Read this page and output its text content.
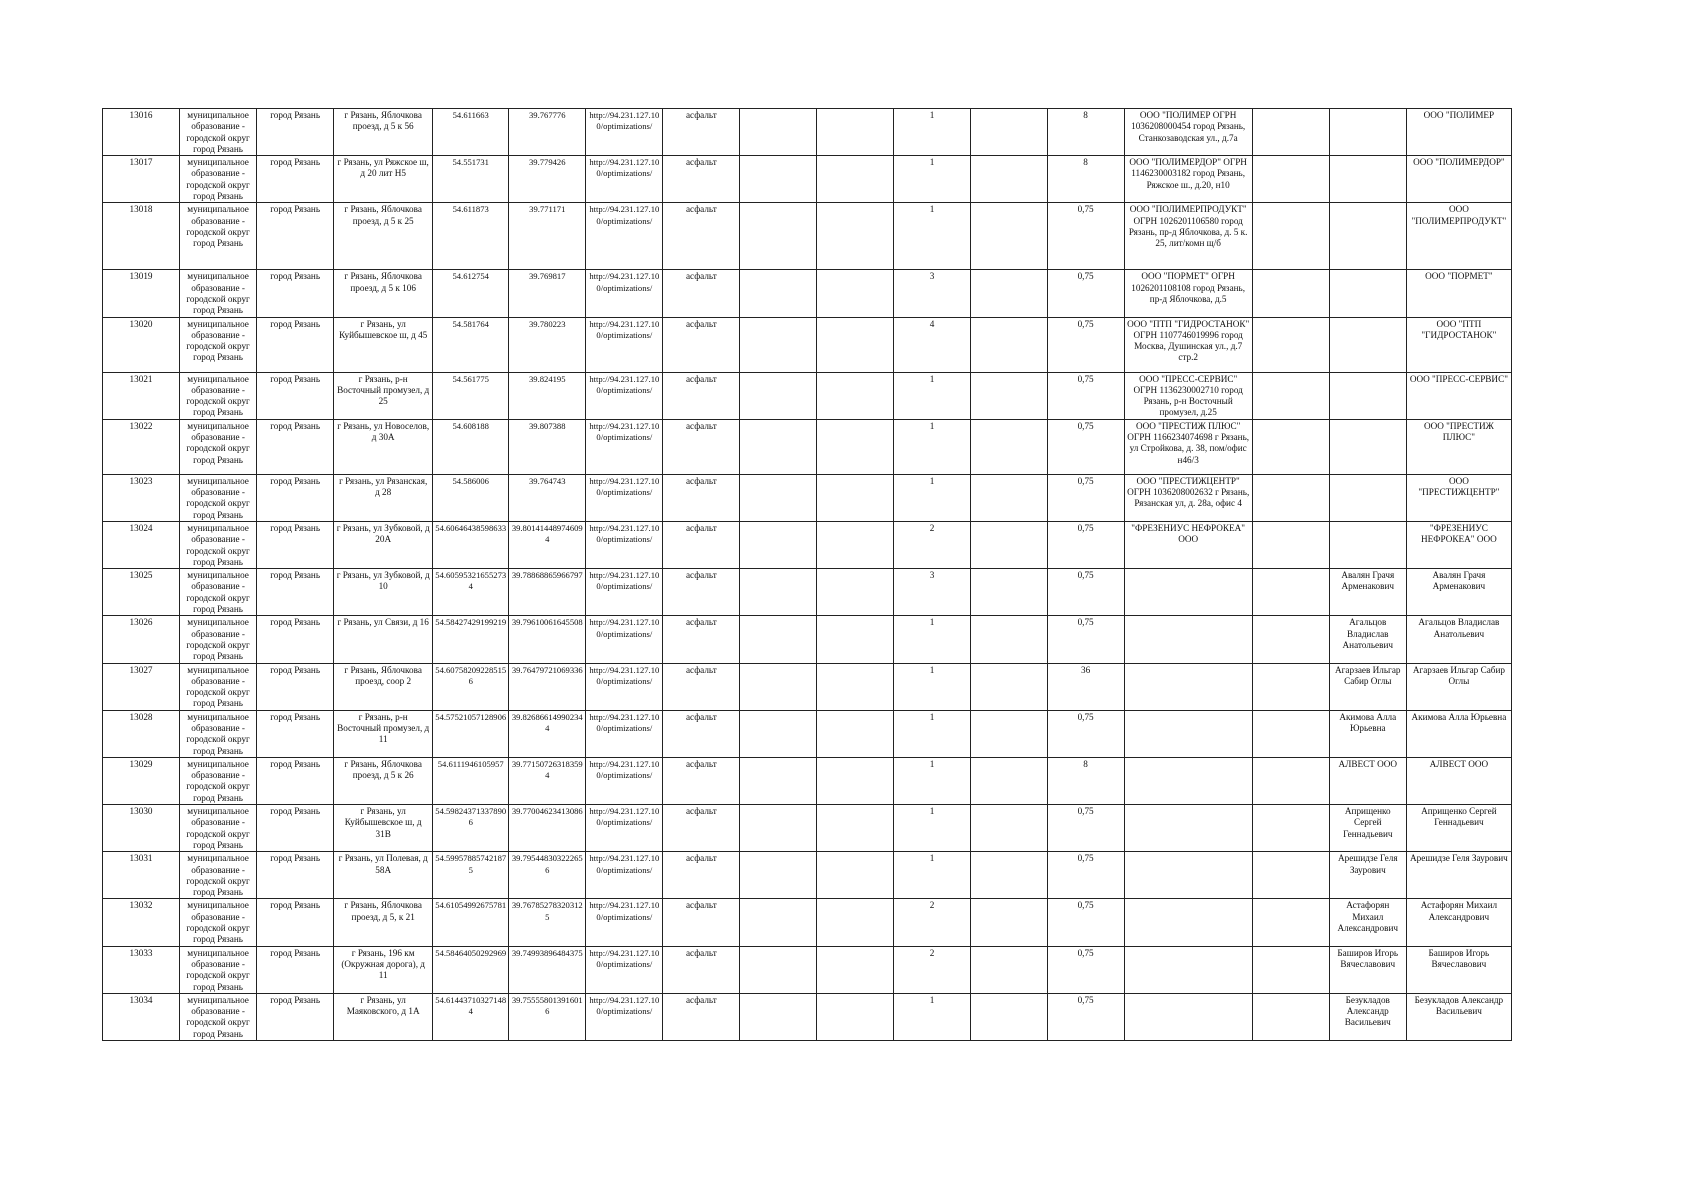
13016	муниципальное образование - городской округ город Рязань	город Рязань	г Рязань, Яблочкова проезд, д 5 к 56	54.611663	39.767776	http://94.231.127.100/optimizations/	асфальт			1		8	ООО "ПОЛИМЕР ОГРН 1036208000454 город Рязань, Станкозаводская ул., д.7а			ООО "ПОЛИМЕР
13017	муниципальное образование - городской округ город Рязань	город Рязань	г Рязань, ул Ряжское ш, д 20 лит Н5	54.551731	39.779426	http://94.231.127.100/optimizations/	асфальт			1		8	ООО "ПОЛИМЕРДОР" ОГРН 1146230003182 город Рязань, Ряжское ш., д.20, н10			ООО "ПОЛИМЕРДОР"
13018	муниципальное образование - городской округ город Рязань	город Рязань	г Рязань, Яблочкова проезд, д 5 к 25	54.611873	39.771171	http://94.231.127.100/optimizations/	асфальт			1		0,75	ООО "ПОЛИМЕРПРОДУКТ" ОГРН 1026201106580 город Рязань, пр-д Яблочкова, д. 5 к. 25, лит/комн щ/б			ООО "ПОЛИМЕРПРОДУКТ"
13019	муниципальное образование - городской округ город Рязань	город Рязань	г Рязань, Яблочкова проезд, д 5 к 106	54.612754	39.769817	http://94.231.127.100/optimizations/	асфальт			3		0,75	ООО "ПОРМЕТ" ОГРН 1026201108108 город Рязань, пр-д Яблочкова, д.5			ООО "ПОРМЕТ"
13020	муниципальное образование - городской округ город Рязань	город Рязань	г Рязань, ул Куйбышевское ш, д 45	54.581764	39.780223	http://94.231.127.100/optimizations/	асфальт			4		0,75	ООО "ПТП "ГИДРОСТАНОК" ОГРН 1107746019996 город Москва, Душинская ул., д.7 стр.2			ООО "ПТП "ГИДРОСТАНОК"
13021	муниципальное образование - городской округ город Рязань	город Рязань	г Рязань, р-н Восточный промузел, д 25	54.561775	39.824195	http://94.231.127.100/optimizations/	асфальт			1		0,75	ООО "ПРЕСС-СЕРВИС" ОГРН 1136230002710 город Рязань, р-н Восточный промузел, д.25			ООО "ПРЕСС-СЕРВИС"
13022	муниципальное образование - городской округ город Рязань	город Рязань	г Рязань, ул Новоселов, д 30А	54.608188	39.807388	http://94.231.127.100/optimizations/	асфальт			1		0,75	ООО "ПРЕСТИЖ ПЛЮС" ОГРН 1166234074698 г Рязань, ул Стройкова, д. 38, пом/офис н46/3			ООО "ПРЕСТИЖ ПЛЮС"
13023	муниципальное образование - городской округ город Рязань	город Рязань	г Рязань, ул Рязанская, д 28	54.586006	39.764743	http://94.231.127.100/optimizations/	асфальт			1		0,75	ООО "ПРЕСТИЖЦЕНТР" ОГРН 1036208002632 г Рязань, Рязанская ул, д. 28а, офис 4			ООО "ПРЕСТИЖЦЕНТР"
13024	муниципальное образование - городской округ город Рязань	город Рязань	г Рязань, ул Зубковой, д 20А	54.60646438598633	39.80141448974609 4	http://94.231.127.100/optimizations/	асфальт			2		0,75	"ФРЕЗЕНИУС НЕФРОКЕА" ООО			"ФРЕЗЕНИУС НЕФРОКЕА" ООО
13025	муниципальное образование - городской округ город Рязань	город Рязань	г Рязань, ул Зубковой, д 10	54.60595321655273 4	39.78868865966797	http://94.231.127.100/optimizations/	асфальт			3		0,75			Авалян Грачя Арменакович	Авалян Грачя Арменакович
13026	муниципальное образование - городской округ город Рязань	город Рязань	г Рязань, ул Связи, д 16	54.58427429199219	39.79610061645508	http://94.231.127.100/optimizations/	асфальт			1		0,75			Агальцов Владислав Анатольевич	Агальцов Владислав Анатольевич
13027	муниципальное образование - городской округ город Рязань	город Рязань	г Рязань, Яблочкова проезд, соор 2	54.60758209228515 6	39.76479721069336	http://94.231.127.100/optimizations/	асфальт			1		36			Агарзаев Ильгар Сабир Оглы	Агарзаев Ильгар Сабир Оглы
13028	муниципальное образование - городской округ город Рязань	город Рязань	г Рязань, р-н Восточный промузел, д 11	54.57521057128906	39.82686614990234 4	http://94.231.127.100/optimizations/	асфальт			1		0,75			Акимова Алла Юрьевна	Акимова Алла Юрьевна
13029	муниципальное образование - городской округ город Рязань	город Рязань	г Рязань, Яблочкова проезд, д 5 к 26	54.6111946105957	39.77150726318359 4	http://94.231.127.100/optimizations/	асфальт			1		8			АЛВЕСТ ООО	АЛВЕСТ ООО
13030	муниципальное образование - городской округ город Рязань	город Рязань	г Рязань, ул Куйбышевское ш, д 31В	54.59824371337890 6	39.77004623413086	http://94.231.127.100/optimizations/	асфальт			1		0,75			Априщенко Сергей Геннадьевич	Априщенко Сергей Геннадьевич
13031	муниципальное образование - городской округ город Рязань	город Рязань	г Рязань, ул Полевая, д 58А	54.59957885742187 5	39.79544830322265 6	http://94.231.127.100/optimizations/	асфальт			1		0,75			Арешидзе Геля Заурович	Арешидзе Геля Заурович
13032	муниципальное образование - городской округ город Рязань	город Рязань	г Рязань, Яблочкова проезд, д 5, к 21	54.61054992675781	39.76785278320312 5	http://94.231.127.100/optimizations/	асфальт			2		0,75			Астафорян Михаил Александрович	Астафорян Михаил Александрович
13033	муниципальное образование - городской округ город Рязань	город Рязань	г Рязань, 196 км (Окружная дорога), д 11	54.58464050292969	39.74993896484375	http://94.231.127.100/optimizations/	асфальт			2		0,75			Баширов Игорь Вячеславович	Баширов Игорь Вячеславович
13034	муниципальное образование - городской округ город Рязань	город Рязань	г Рязань, ул Маяковского, д 1А	54.61443710327148 4	39.75555801391601 6	http://94.231.127.100/optimizations/	асфальт			1		0,75			Безукладов Александр Васильевич	Безукладов Александр Васильевич
